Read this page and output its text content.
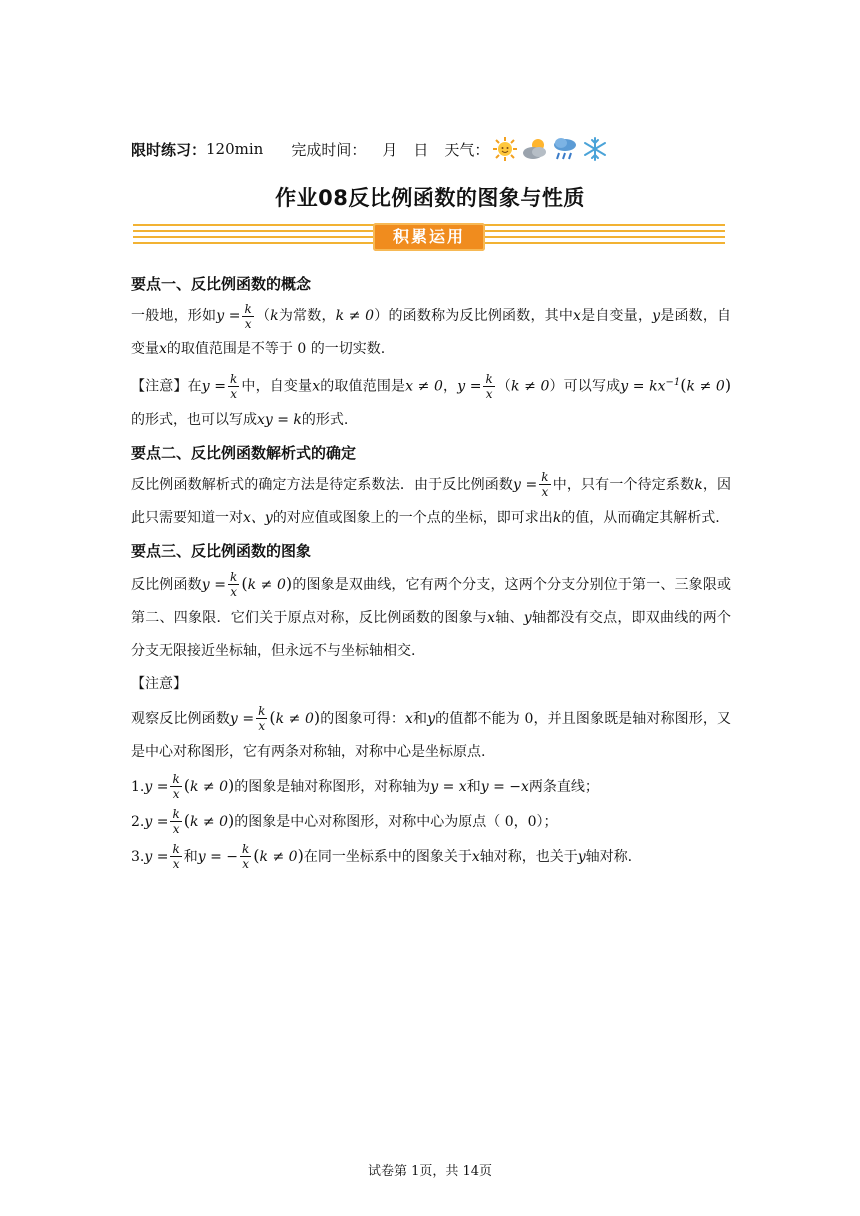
限时练习： 120min 完成时间： 月 日 天气：
作业08反比例函数的图象与性质
积累运用

要点一、反比例函数的概念

一般地，形如$y = \frac{k}{x} (k$为常数，k ≠ 0）的函数称为反比例函数，其中x是自变量，y是函数，自变量x的取值范围是不等于 0 的一切实数.

【注意】在$y = \frac{k}{x}$ 中，自变量x的取值范围是x ≠ 0，$y = \frac{k}{x} (k \ne 0)$可以写成$y = kx^{-1}(k \ne 0)$的形式，也可以写成xy = k的形式.

要点二、反比例函数解析式的确定

反比例函数解析式的确定方法是待定系数法．由于反比例函数$y = \frac{k}{x}$ 中，只有一个待定系数k，因此只需要知道一对x、y的对应值或图象上的一个点的坐标，即可求出k的值，从而确定其解析式.

要点三、反比例函数的图象

反比例函数$y = \frac{k}{x} (k \ne 0)$的图象是双曲线，它有两个分支，这两个分支分别位于第一、三象限或第二、四象限．它们关于原点对称，反比例函数的图象与x轴、y轴都没有交点，即双曲线的两个分支无限接近坐标轴，但永远不与坐标轴相交.

【注意】

观察反比例函数$y = \frac{k}{x} (k \ne 0)$的图象可得：x和y的值都不能为 0，并且图象既是轴对称图形，又是中心对称图形，它有两条对称轴，对称中心是坐标原点.

$1.y = \frac{k}{x} (k \ne 0)$的图象是轴对称图形，对称轴为y = x和y = −x两条直线；

$2.y = \frac{k}{x} (k \ne 0)$的图象是中心对称图形，对称中心为原点（ 0，0）；

$3.y = \frac{k}{x}$ 和y = − $\frac{k}{x} (k \ne 0)$在同一坐标系中的图象关于x轴对称，也关于y轴对称.

试卷第 1页，共 14页
